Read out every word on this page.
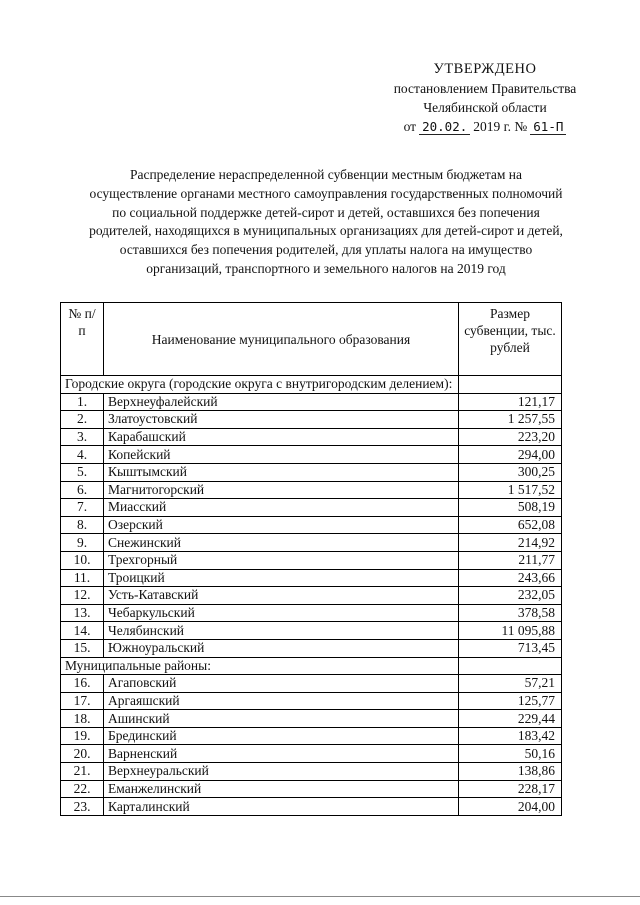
УТВЕРЖДЕНО
постановлением Правительства
Челябинской области
от 20.02. 2019 г. № 61-П
Распределение нераспределенной субвенции местным бюджетам на осуществление органами местного самоуправления государственных полномочий по социальной поддержке детей-сирот и детей, оставшихся без попечения родителей, находящихся в муниципальных организациях для детей-сирот и детей, оставшихся без попечения родителей, для уплаты налога на имущество организаций, транспортного и земельного налогов на 2019 год
№ п/п	Наименование муниципального образования	Размер субвенции, тыс. рублей
Городские округа (городские округа с внутригородским делением):		
1.	Верхнеуфалейский	121,17
2.	Златоустовский	1 257,55
3.	Карабашский	223,20
4.	Копейский	294,00
5.	Кыштымский	300,25
6.	Магнитогорский	1 517,52
7.	Миасский	508,19
8.	Озерский	652,08
9.	Снежинский	214,92
10.	Трехгорный	211,77
11.	Троицкий	243,66
12.	Усть-Катавский	232,05
13.	Чебаркульский	378,58
14.	Челябинский	11 095,88
15.	Южноуральский	713,45
Муниципальные районы:		
16.	Агаповский	57,21
17.	Аргаяшский	125,77
18.	Ашинский	229,44
19.	Брединский	183,42
20.	Варненский	50,16
21.	Верхнеуральский	138,86
22.	Еманжелинский	228,17
23.	Карталинский	204,00
